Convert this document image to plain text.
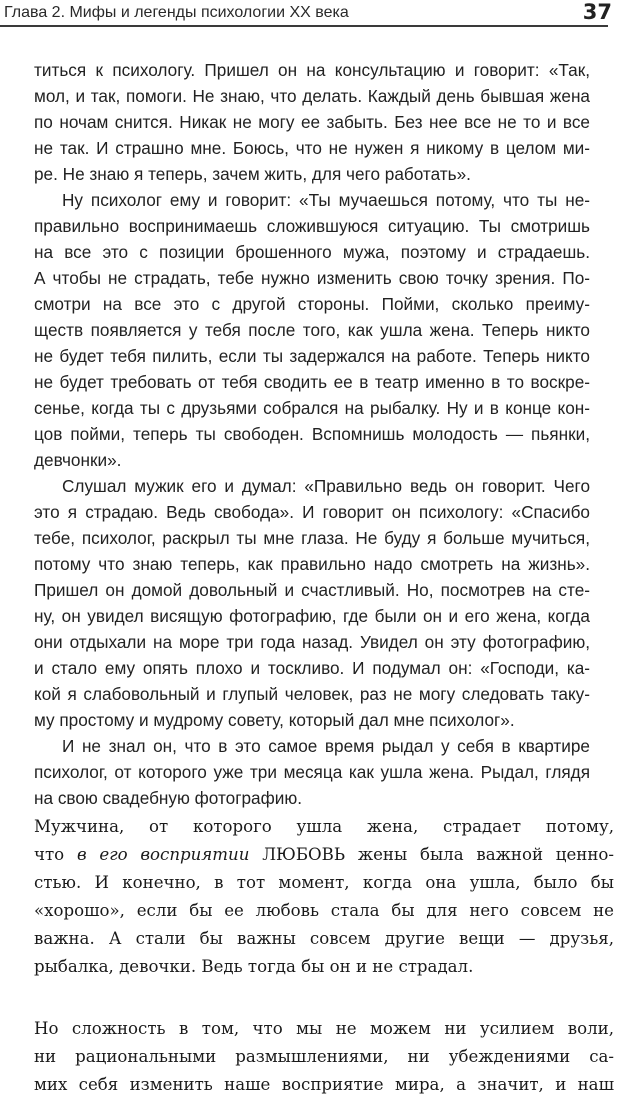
Глава 2. Мифы и легенды психологии XX века	37
титься к психологу. Пришел он на консультацию и говорит: «Так,
мол, и так, помоги. Не знаю, что делать. Каждый день бывшая жена
по ночам снится. Никак не могу ее забыть. Без нее все не то и все
не так. И страшно мне. Боюсь, что не нужен я никому в целом ми-
ре. Не знаю я теперь, зачем жить, для чего работать».
Ну психолог ему и говорит: «Ты мучаешься потому, что ты не-
правильно воспринимаешь сложившуюся ситуацию. Ты смотришь
на все это с позиции брошенного мужа, поэтому и страдаешь.
А чтобы не страдать, тебе нужно изменить свою точку зрения. По-
смотри на все это с другой стороны. Пойми, сколько преиму-
ществ появляется у тебя после того, как ушла жена. Теперь никто
не будет тебя пилить, если ты задержался на работе. Теперь никто
не будет требовать от тебя сводить ее в театр именно в то воскре-
сенье, когда ты с друзьями собрался на рыбалку. Ну и в конце кон-
цов пойми, теперь ты свободен. Вспомнишь молодость — пьянки,
девчонки».
Слушал мужик его и думал: «Правильно ведь он говорит. Чего
это я страдаю. Ведь свобода». И говорит он психологу: «Спасибо
тебе, психолог, раскрыл ты мне глаза. Не буду я больше мучиться,
потому что знаю теперь, как правильно надо смотреть на жизнь».
Пришел он домой довольный и счастливый. Но, посмотрев на сте-
ну, он увидел висящую фотографию, где были он и его жена, когда
они отдыхали на море три года назад. Увидел он эту фотографию,
и стало ему опять плохо и тоскливо. И подумал он: «Господи, ка-
кой я слабовольный и глупый человек, раз не могу следовать таку-
му простому и мудрому совету, который дал мне психолог».
И не знал он, что в это самое время рыдал у себя в квартире
психолог, от которого уже три месяца как ушла жена. Рыдал, глядя
на свою свадебную фотографию.
Мужчина, от которого ушла жена, страдает потому,
что в его восприятии ЛЮБОВЬ жены была важной ценно-
стью. И конечно, в тот момент, когда она ушла, было бы
«хорошо», если бы ее любовь стала бы для него совсем не
важна. А стали бы важны совсем другие вещи — друзья,
рыбалка, девочки. Ведь тогда бы он и не страдал.
Но сложность в том, что мы не можем ни усилием воли,
ни рациональными размышлениями, ни убеждениями са-
мих себя изменить наше восприятие мира, а значит, и наш
